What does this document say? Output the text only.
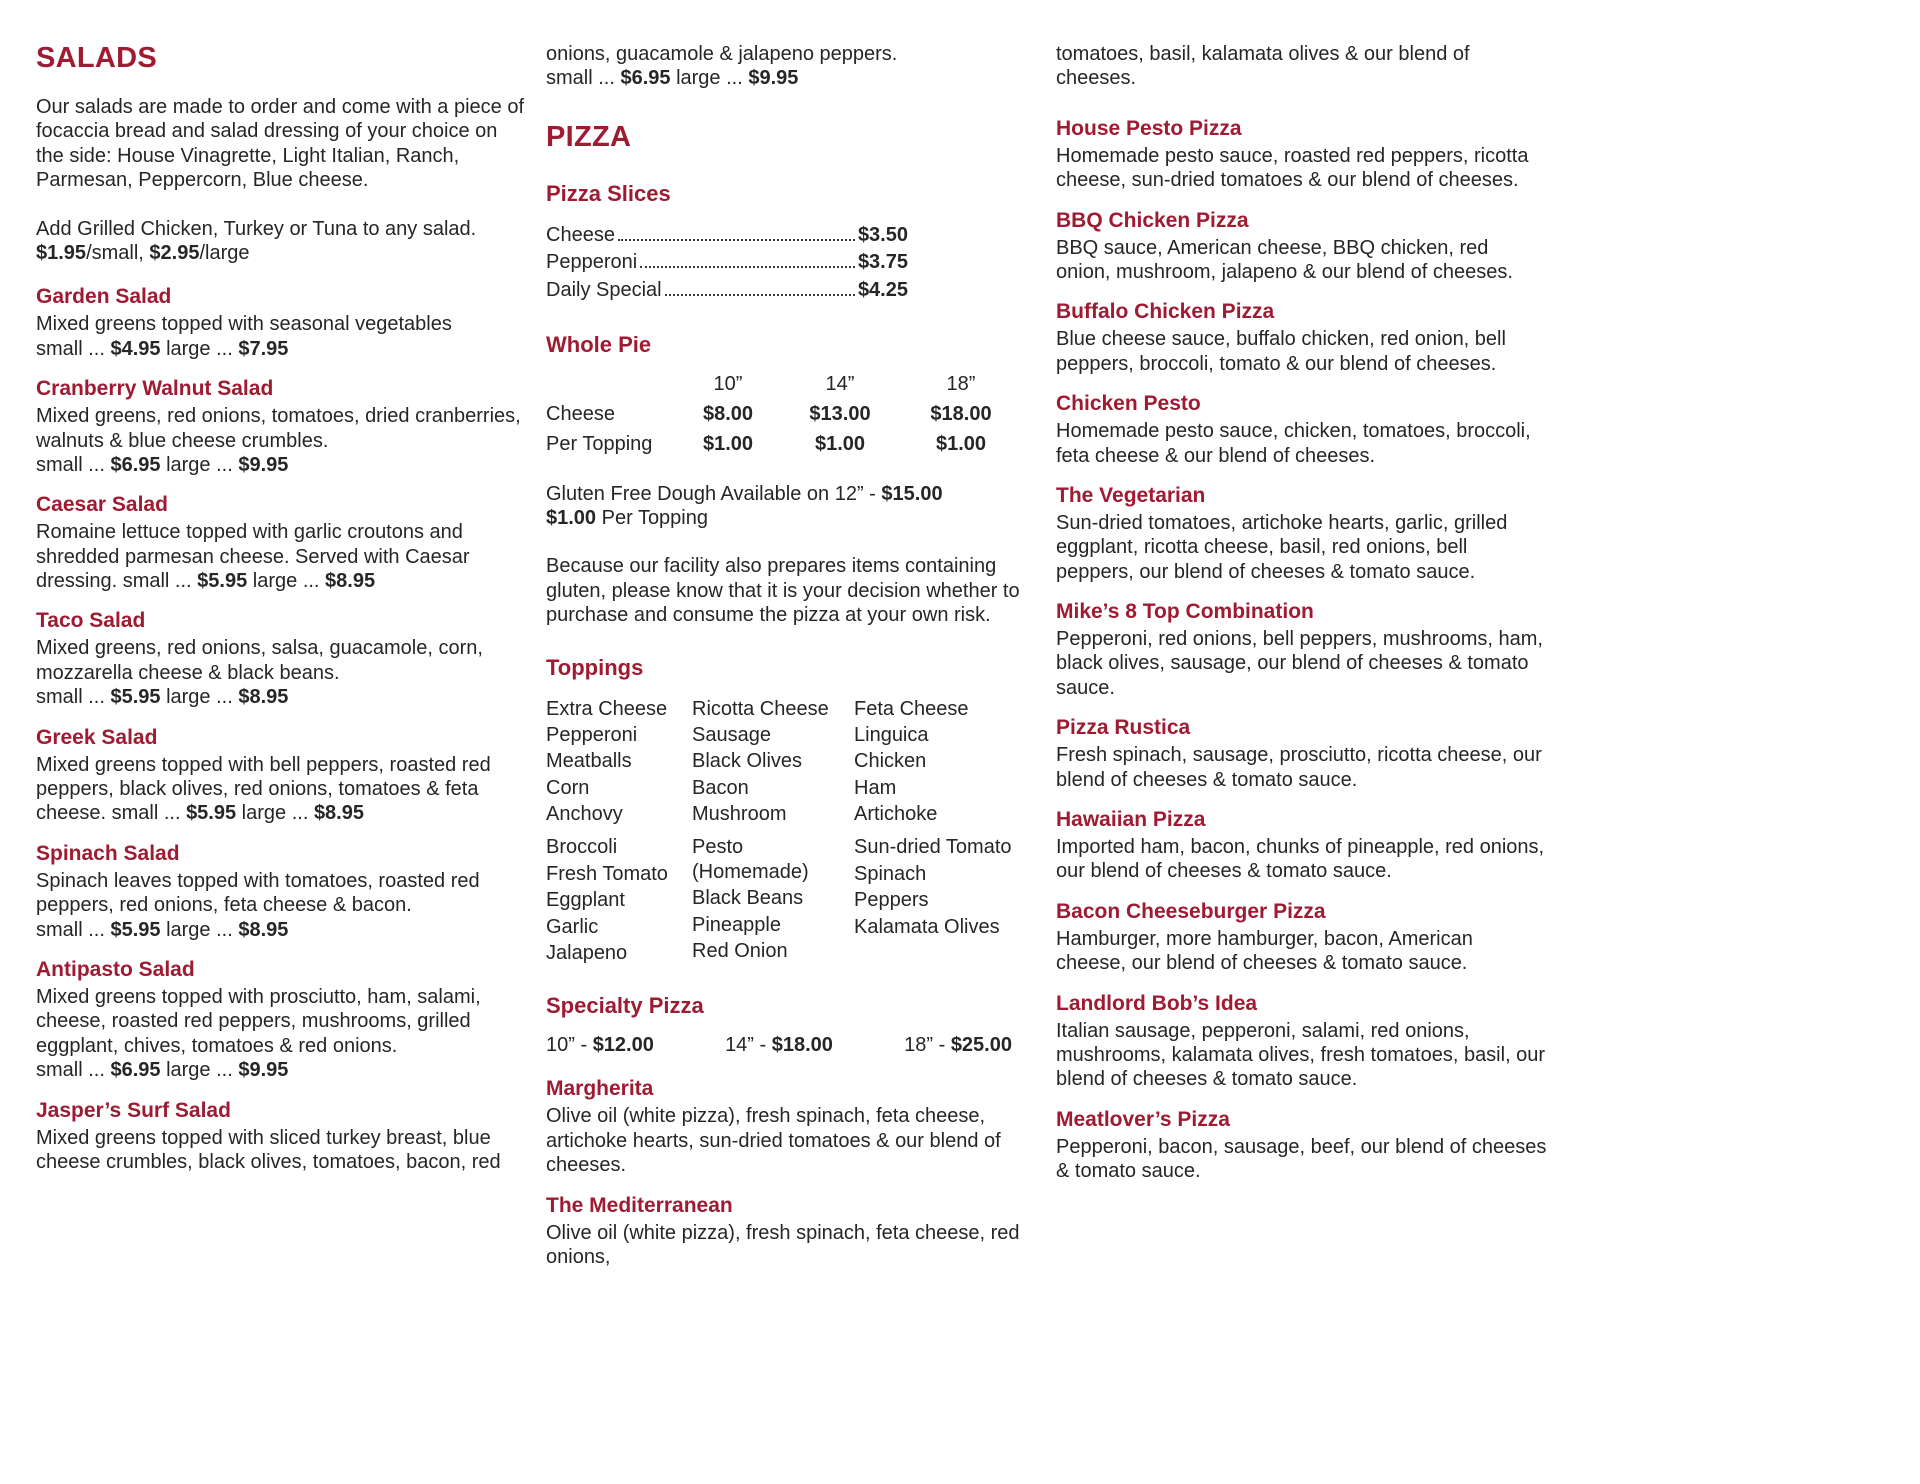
SALADS

Our salads are made to order and come with a piece of focaccia bread and salad dressing of your choice on the side: House Vinagrette, Light Italian, Ranch, Parmesan, Peppercorn, Blue cheese.

Add Grilled Chicken, Turkey or Tuna to any salad.
$1.95/small, $2.95/large

Garden Salad

Mixed greens topped with seasonal vegetables
small ... $4.95 large ... $7.95

Cranberry Walnut Salad

Mixed greens, red onions, tomatoes, dried cranberries, walnuts & blue cheese crumbles.
small ... $6.95 large ... $9.95

Caesar Salad

Romaine lettuce topped with garlic croutons and shredded parmesan cheese. Served with Caesar dressing. small ... $5.95 large ... $8.95

Taco Salad

Mixed greens, red onions, salsa, guacamole, corn, mozzarella cheese & black beans.
small ... $5.95 large ... $8.95

Greek Salad

Mixed greens topped with bell peppers, roasted red peppers, black olives, red onions, tomatoes & feta cheese. small ... $5.95 large ... $8.95

Spinach Salad

Spinach leaves topped with tomatoes, roasted red peppers, red onions, feta cheese & bacon.
small ... $5.95 large ... $8.95

Antipasto Salad

Mixed greens topped with prosciutto, ham, salami, cheese, roasted red peppers, mushrooms, grilled eggplant, chives, tomatoes & red onions.
small ... $6.95 large ... $9.95

Jasper’s Surf Salad

Mixed greens topped with sliced turkey breast, blue cheese crumbles, black olives, tomatoes, bacon, red

onions, guacamole & jalapeno peppers.
small ... $6.95 large ... $9.95

PIZZA
Pizza Slices
Cheese	$3.50
Pepperoni	$3.75
Daily Special	$4.25
Whole Pie
10”	14”	18”
Cheese	$8.00	$13.00	$18.00
Per Topping	$1.00	$1.00	$1.00

Gluten Free Dough Available on 12” - $15.00
$1.00 Per Topping

Because our facility also prepares items containing gluten, please know that it is your decision whether to purchase and consume the pizza at your own risk.

Toppings
Extra Cheese
Pepperoni
Meatballs
Corn
Anchovy
Ricotta Cheese
Sausage
Black Olives
Bacon
Mushroom
Feta Cheese
Linguica
Chicken
Ham
Artichoke
Broccoli
Fresh Tomato
Eggplant
Garlic
Jalapeno
Pesto (Homemade)
Black Beans
Pineapple
Red Onion
Sun-dried Tomato
Spinach
Peppers
Kalamata Olives
Specialty Pizza
10” - $12.00	14” - $18.00	18” - $25.00
Margherita

Olive oil (white pizza), fresh spinach, feta cheese, artichoke hearts, sun-dried tomatoes & our blend of cheeses.

The Mediterranean

Olive oil (white pizza), fresh spinach, feta cheese, red onions,

tomatoes, basil, kalamata olives & our blend of cheeses.

House Pesto Pizza

Homemade pesto sauce, roasted red peppers, ricotta cheese, sun-dried tomatoes & our blend of cheeses.

BBQ Chicken Pizza

BBQ sauce, American cheese, BBQ chicken, red onion, mushroom, jalapeno & our blend of cheeses.

Buffalo Chicken Pizza

Blue cheese sauce, buffalo chicken, red onion, bell peppers, broccoli, tomato & our blend of cheeses.

Chicken Pesto

Homemade pesto sauce, chicken, tomatoes, broccoli, feta cheese & our blend of cheeses.

The Vegetarian

Sun-dried tomatoes, artichoke hearts, garlic, grilled eggplant, ricotta cheese, basil, red onions, bell peppers, our blend of cheeses & tomato sauce.

Mike’s 8 Top Combination

Pepperoni, red onions, bell peppers, mushrooms, ham, black olives, sausage, our blend of cheeses & tomato sauce.

Pizza Rustica

Fresh spinach, sausage, prosciutto, ricotta cheese, our blend of cheeses & tomato sauce.

Hawaiian Pizza

Imported ham, bacon, chunks of pineapple, red onions, our blend of cheeses & tomato sauce.

Bacon Cheeseburger Pizza

Hamburger, more hamburger, bacon, American cheese, our blend of cheeses & tomato sauce.

Landlord Bob’s Idea

Italian sausage, pepperoni, salami, red onions, mushrooms, kalamata olives, fresh tomatoes, basil, our blend of cheeses & tomato sauce.

Meatlover’s Pizza

Pepperoni, bacon, sausage, beef, our blend of cheeses & tomato sauce.
